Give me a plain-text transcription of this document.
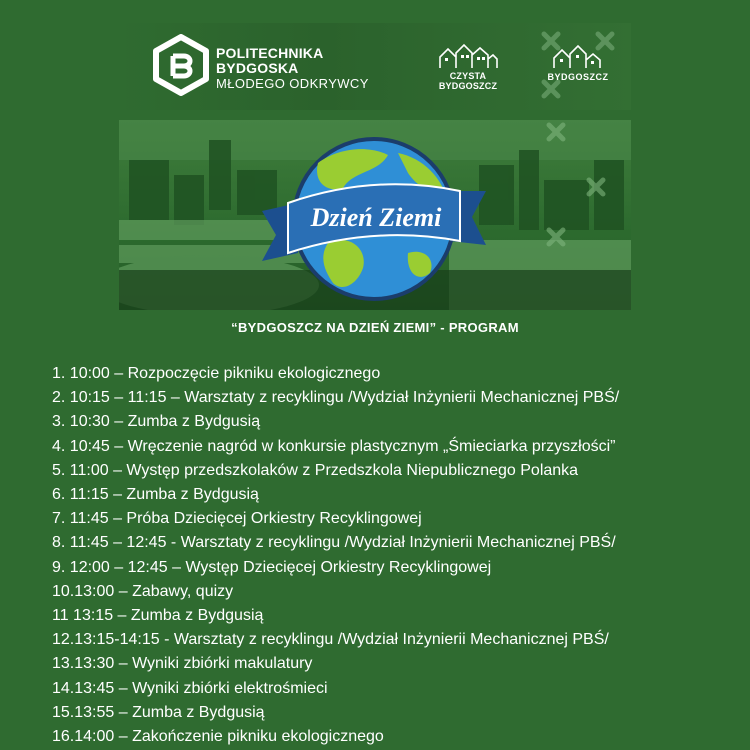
POLITECHNIKA
BYDGOSKA
MŁODEGO ODKRYWCY	CZYSTA BYDGOSZCZ
BYDGOSZCZ
Dzień Ziemi
“BYDGOSZCZ NA DZIEŃ ZIEMI” - PROGRAM
1. 10:00 – Rozpoczęcie pikniku ekologicznego
2. 10:15 – 11:15 – Warsztaty z recyklingu /Wydział Inżynierii Mechanicznej PBŚ/
3. 10:30 – Zumba z Bydgusią
4. 10:45 – Wręczenie nagród w konkursie plastycznym „Śmieciarka przyszłości”
5. 11:00 – Występ przedszkolaków z Przedszkola Niepublicznego Polanka
6. 11:15 – Zumba z Bydgusią
7. 11:45 – Próba Dziecięcej Orkiestry Recyklingowej
8. 11:45 – 12:45 - Warsztaty z recyklingu /Wydział Inżynierii Mechanicznej PBŚ/
9. 12:00 – 12:45 – Występ Dziecięcej Orkiestry Recyklingowej
10.13:00 – Zabawy, quizy
11 13:15 – Zumba z Bydgusią
12.13:15-14:15 - Warsztaty z recyklingu /Wydział Inżynierii Mechanicznej PBŚ/
13.13:30 – Wyniki zbiórki makulatury
14.13:45 – Wyniki zbiórki elektrośmieci
15.13:55 – Zumba z Bydgusią
16.14:00 – Zakończenie pikniku ekologicznego
